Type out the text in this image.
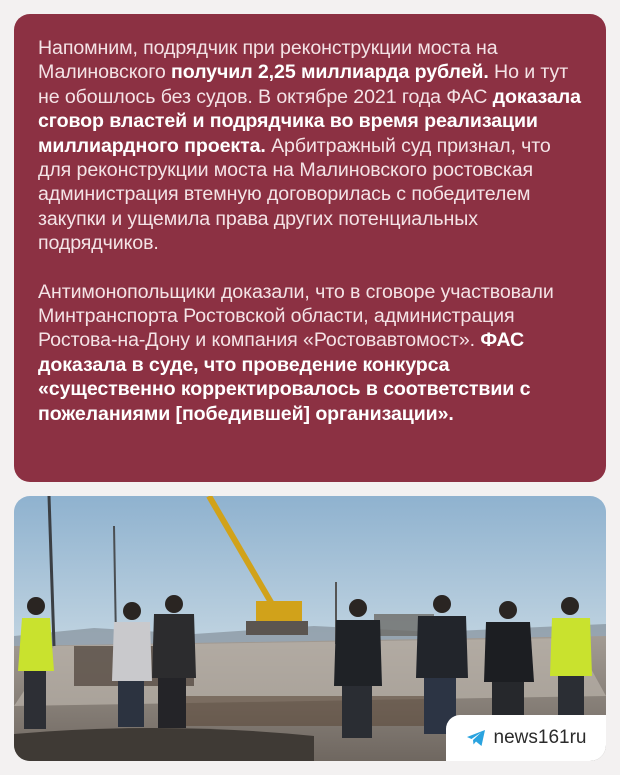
Напомним, подрядчик при реконструкции моста на Малиновского получил 2,25 миллиарда рублей. Но и тут не обошлось без судов. В октябре 2021 года ФАС доказала сговор властей и подрядчика во время реализации миллиардного проекта. Арбитражный суд признал, что для реконструкции моста на Малиновского ростовская администрация втемную договорилась с победителем закупки и ущемила права других потенциальных подрядчиков.

Антимонопольщики доказали, что в сговоре участвовали Минтранспорта Ростовской области, администрация Ростова-на-Дону и компания «Ростовавтомост». ФАС доказала в суде, что проведение конкурса «существенно корректировалось в соответствии с пожеланиями [победившей] организации».

news161ru
